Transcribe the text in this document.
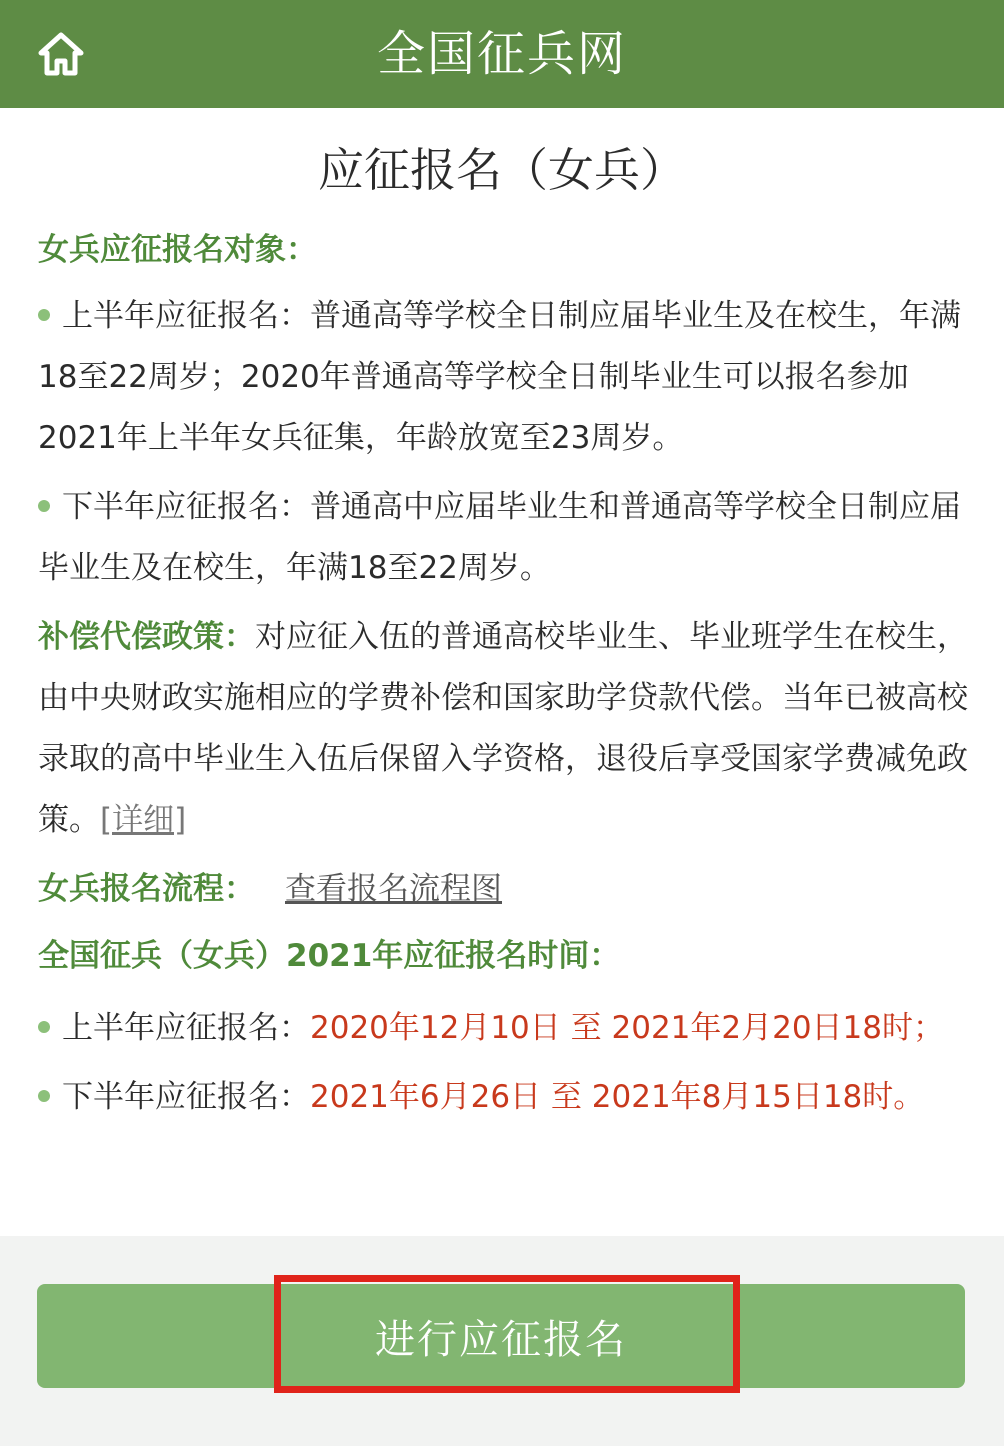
全国征兵网
应征报名（女兵）
女兵应征报名对象：
上半年应征报名：普通高等学校全日制应届毕业生及在校生，年满18至22周岁；2020年普通高等学校全日制毕业生可以报名参加2021年上半年女兵征集，年龄放宽至23周岁。
下半年应征报名：普通高中应届毕业生和普通高等学校全日制应届毕业生及在校生，年满18至22周岁。
补偿代偿政策：对应征入伍的普通高校毕业生、毕业班学生在校生，由中央财政实施相应的学费补偿和国家助学贷款代偿。当年已被高校录取的高中毕业生入伍后保留入学资格，退役后享受国家学费减免政策。[详细]
女兵报名流程： 查看报名流程图
全国征兵（女兵）2021年应征报名时间：
上半年应征报名：2020年12月10日 至 2021年2月20日18时；
下半年应征报名：2021年6月26日 至 2021年8月15日18时。
进行应征报名
